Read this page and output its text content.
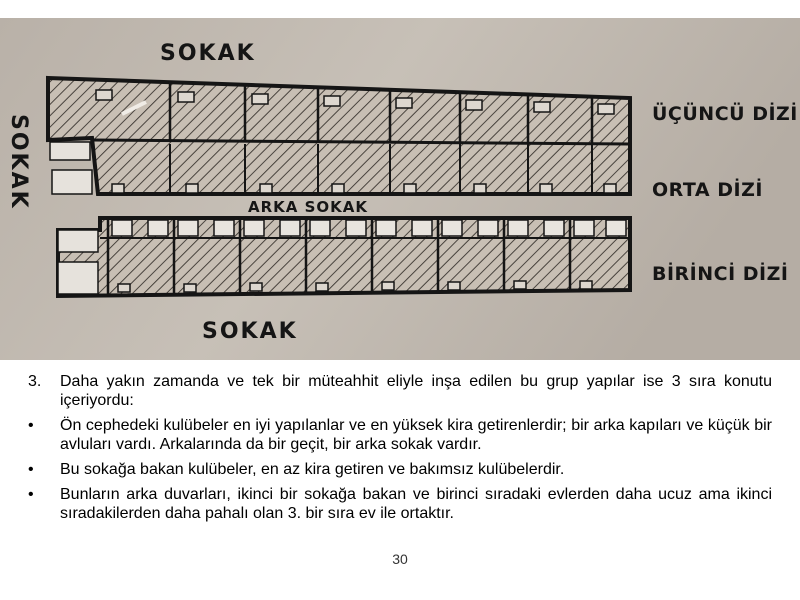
SOKAK
SOKAK
SOKAK
ARKA SOKAK
ÜÇÜNCÜ DİZİ
ORTA DİZİ
BİRİNCİ DİZİ
3.	Daha yakın zamanda ve tek bir müteahhit eliyle inşa edilen bu grup yapılar ise 3 sıra konutu içeriyordu:
•	Ön cephedeki kulübeler en iyi yapılanlar ve en yüksek kira getirenlerdir; bir arka kapıları ve küçük bir avluları vardı. Arkalarında da bir geçit, bir arka sokak vardır.
•	Bu sokağa bakan kulübeler, en az kira getiren ve bakımsız kulübelerdir.
•	Bunların arka duvarları, ikinci bir sokağa bakan ve birinci sıradaki evlerden daha ucuz ama ikinci sıradakilerden daha pahalı olan 3. bir sıra ev ile ortaktır.
30
